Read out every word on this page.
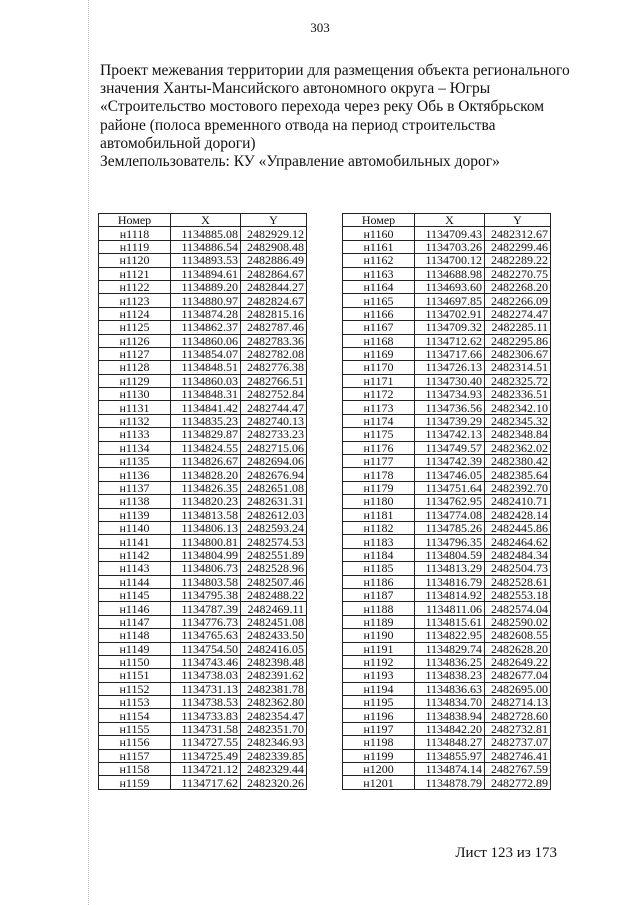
303
Проект межевания территории для размещения объекта регионального
значения Ханты-Мансийского автономного округа – Югры
«Строительство мостового перехода через реку Обь в Октябрьском
районе (полоса временного отвода на период строительства
автомобильной дороги)
Землепользователь: КУ «Управление автомобильных дорог»
Номер	X	Y
н1118	1134885.08	2482929.12
н1119	1134886.54	2482908.48
н1120	1134893.53	2482886.49
н1121	1134894.61	2482864.67
н1122	1134889.20	2482844.27
н1123	1134880.97	2482824.67
н1124	1134874.28	2482815.16
н1125	1134862.37	2482787.46
н1126	1134860.06	2482783.36
н1127	1134854.07	2482782.08
н1128	1134848.51	2482776.38
н1129	1134860.03	2482766.51
н1130	1134848.31	2482752.84
н1131	1134841.42	2482744.47
н1132	1134835.23	2482740.13
н1133	1134829.87	2482733.23
н1134	1134824.55	2482715.06
н1135	1134826.67	2482694.06
н1136	1134828.20	2482676.94
н1137	1134826.35	2482651.08
н1138	1134820.23	2482631.31
н1139	1134813.58	2482612.03
н1140	1134806.13	2482593.24
н1141	1134800.81	2482574.53
н1142	1134804.99	2482551.89
н1143	1134806.73	2482528.96
н1144	1134803.58	2482507.46
н1145	1134795.38	2482488.22
н1146	1134787.39	2482469.11
н1147	1134776.73	2482451.08
н1148	1134765.63	2482433.50
н1149	1134754.50	2482416.05
н1150	1134743.46	2482398.48
н1151	1134738.03	2482391.62
н1152	1134731.13	2482381.78
н1153	1134738.53	2482362.80
н1154	1134733.83	2482354.47
н1155	1134731.58	2482351.70
н1156	1134727.55	2482346.93
н1157	1134725.49	2482339.85
н1158	1134721.12	2482329.44
н1159	1134717.62	2482320.26
Номер	X	Y
н1160	1134709.43	2482312.67
н1161	1134703.26	2482299.46
н1162	1134700.12	2482289.22
н1163	1134688.98	2482270.75
н1164	1134693.60	2482268.20
н1165	1134697.85	2482266.09
н1166	1134702.91	2482274.47
н1167	1134709.32	2482285.11
н1168	1134712.62	2482295.86
н1169	1134717.66	2482306.67
н1170	1134726.13	2482314.51
н1171	1134730.40	2482325.72
н1172	1134734.93	2482336.51
н1173	1134736.56	2482342.10
н1174	1134739.29	2482345.32
н1175	1134742.13	2482348.84
н1176	1134749.57	2482362.02
н1177	1134742.39	2482380.42
н1178	1134746.05	2482385.64
н1179	1134751.64	2482392.70
н1180	1134762.95	2482410.71
н1181	1134774.08	2482428.14
н1182	1134785.26	2482445.86
н1183	1134796.35	2482464.62
н1184	1134804.59	2482484.34
н1185	1134813.29	2482504.73
н1186	1134816.79	2482528.61
н1187	1134814.92	2482553.18
н1188	1134811.06	2482574.04
н1189	1134815.61	2482590.02
н1190	1134822.95	2482608.55
н1191	1134829.74	2482628.20
н1192	1134836.25	2482649.22
н1193	1134838.23	2482677.04
н1194	1134836.63	2482695.00
н1195	1134834.70	2482714.13
н1196	1134838.94	2482728.60
н1197	1134842.20	2482732.81
н1198	1134848.27	2482737.07
н1199	1134855.97	2482746.41
н1200	1134874.14	2482767.59
н1201	1134878.79	2482772.89
Лист 123 из 173
